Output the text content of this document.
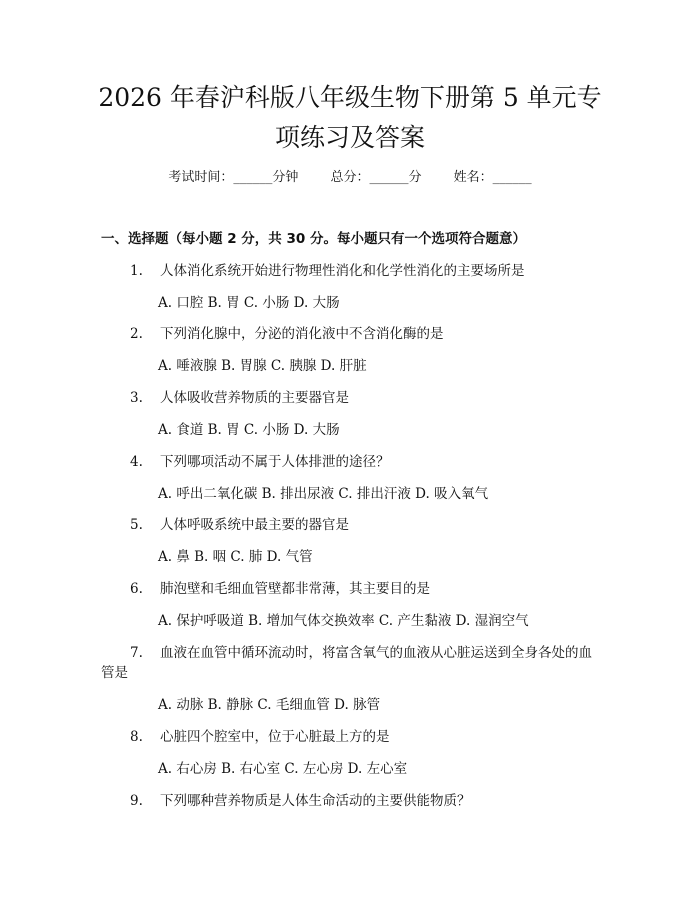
2026 年春沪科版八年级生物下册第 5 单元专
项练习及答案
考试时间：______分钟 总分：______分 姓名：______
一、选择题（每小题 2 分，共 30 分。每小题只有一个选项符合题意）
1. 人体消化系统开始进行物理性消化和化学性消化的主要场所是
A. 口腔 B. 胃 C. 小肠 D. 大肠
2. 下列消化腺中，分泌的消化液中不含消化酶的是
A. 唾液腺 B. 胃腺 C. 胰腺 D. 肝脏
3. 人体吸收营养物质的主要器官是
A. 食道 B. 胃 C. 小肠 D. 大肠
4. 下列哪项活动不属于人体排泄的途径？
A. 呼出二氧化碳 B. 排出尿液 C. 排出汗液 D. 吸入氧气
5. 人体呼吸系统中最主要的器官是
A. 鼻 B. 咽 C. 肺 D. 气管
6. 肺泡壁和毛细血管壁都非常薄，其主要目的是
A. 保护呼吸道 B. 增加气体交换效率 C. 产生黏液 D. 湿润空气
7. 血液在血管中循环流动时，将富含氧气的血液从心脏运送到全身各处的血
管是
A. 动脉 B. 静脉 C. 毛细血管 D. 脉管
8. 心脏四个腔室中，位于心脏最上方的是
A. 右心房 B. 右心室 C. 左心房 D. 左心室
9. 下列哪种营养物质是人体生命活动的主要供能物质？
